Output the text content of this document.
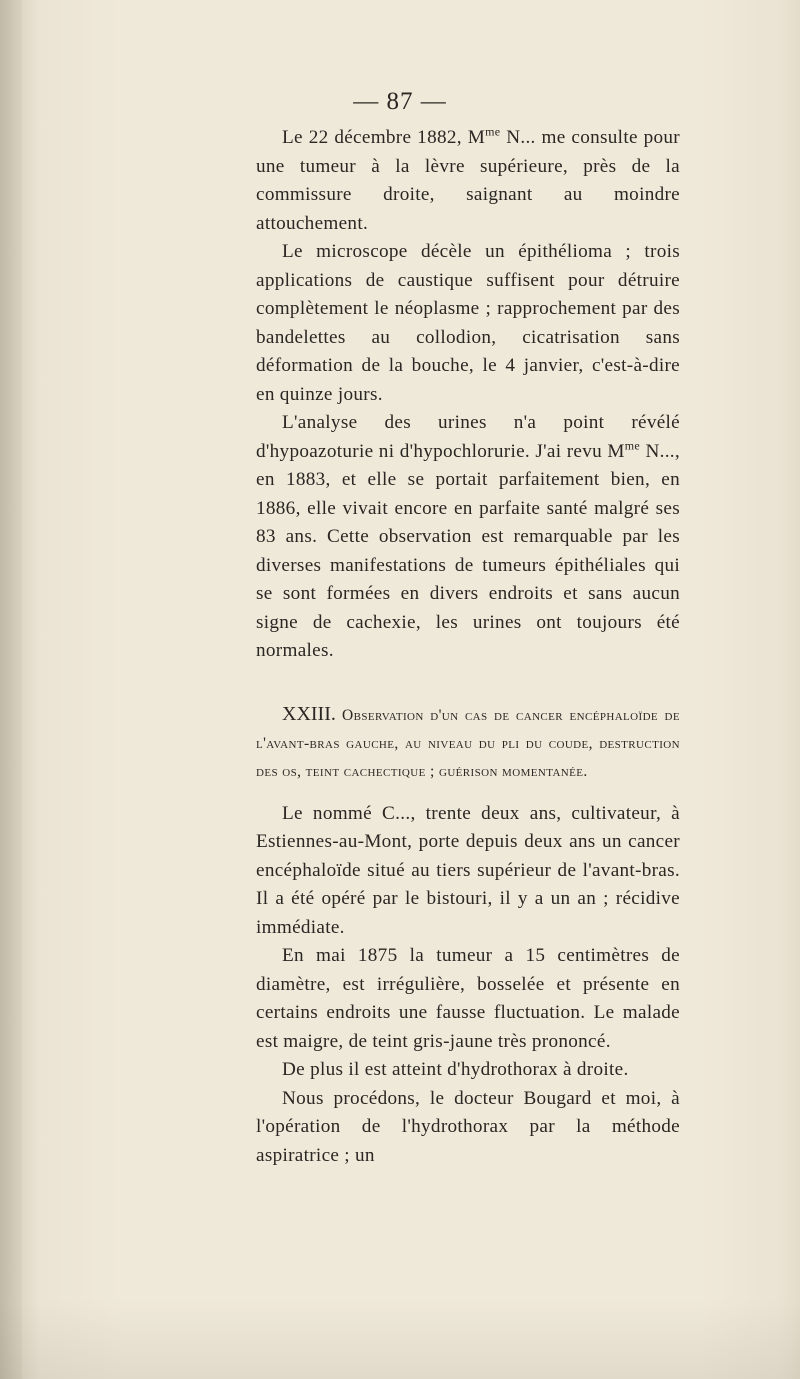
— 87 —

Le 22 décembre 1882, $M^{me}$ N... me consulte pour une tumeur à la lèvre supérieure, près de la commissure droite, saignant au moindre attouchement.

Le microscope décèle un épithélioma ; trois applications de caustique suffisent pour détruire complètement le néoplasme ; rapprochement par des bandelettes au collodion, cicatrisation sans déformation de la bouche, le 4 janvier, c'est-à-dire en quinze jours.

L'analyse des urines n'a point révélé d'hypoazoturie ni d'hypochlorurie. J'ai revu $M^{me}$ N..., en 1883, et elle se portait parfaitement bien, en 1886, elle vivait encore en parfaite santé malgré ses 83 ans. Cette observation est remarquable par les diverses manifestations de tumeurs épithéliales qui se sont formées en divers endroits et sans aucun signe de cachexie, les urines ont toujours été normales.

XXIII. Observation d'un cas de cancer encéphaloïde de l'avant-bras gauche, au niveau du pli du coude, destruction des os, teint cachectique ; guérison momentanée.

Le nommé C..., trente deux ans, cultivateur, à Estiennes-au-Mont, porte depuis deux ans un cancer encéphaloïde situé au tiers supérieur de l'avant-bras. Il a été opéré par le bistouri, il y a un an ; récidive immédiate.

En mai 1875 la tumeur a 15 centimètres de diamètre, est irrégulière, bosselée et présente en certains endroits une fausse fluctuation. Le malade est maigre, de teint gris-jaune très prononcé.

De plus il est atteint d'hydrothorax à droite.

Nous procédons, le docteur Bougard et moi, à l'opération de l'hydrothorax par la méthode aspiratrice ; un
